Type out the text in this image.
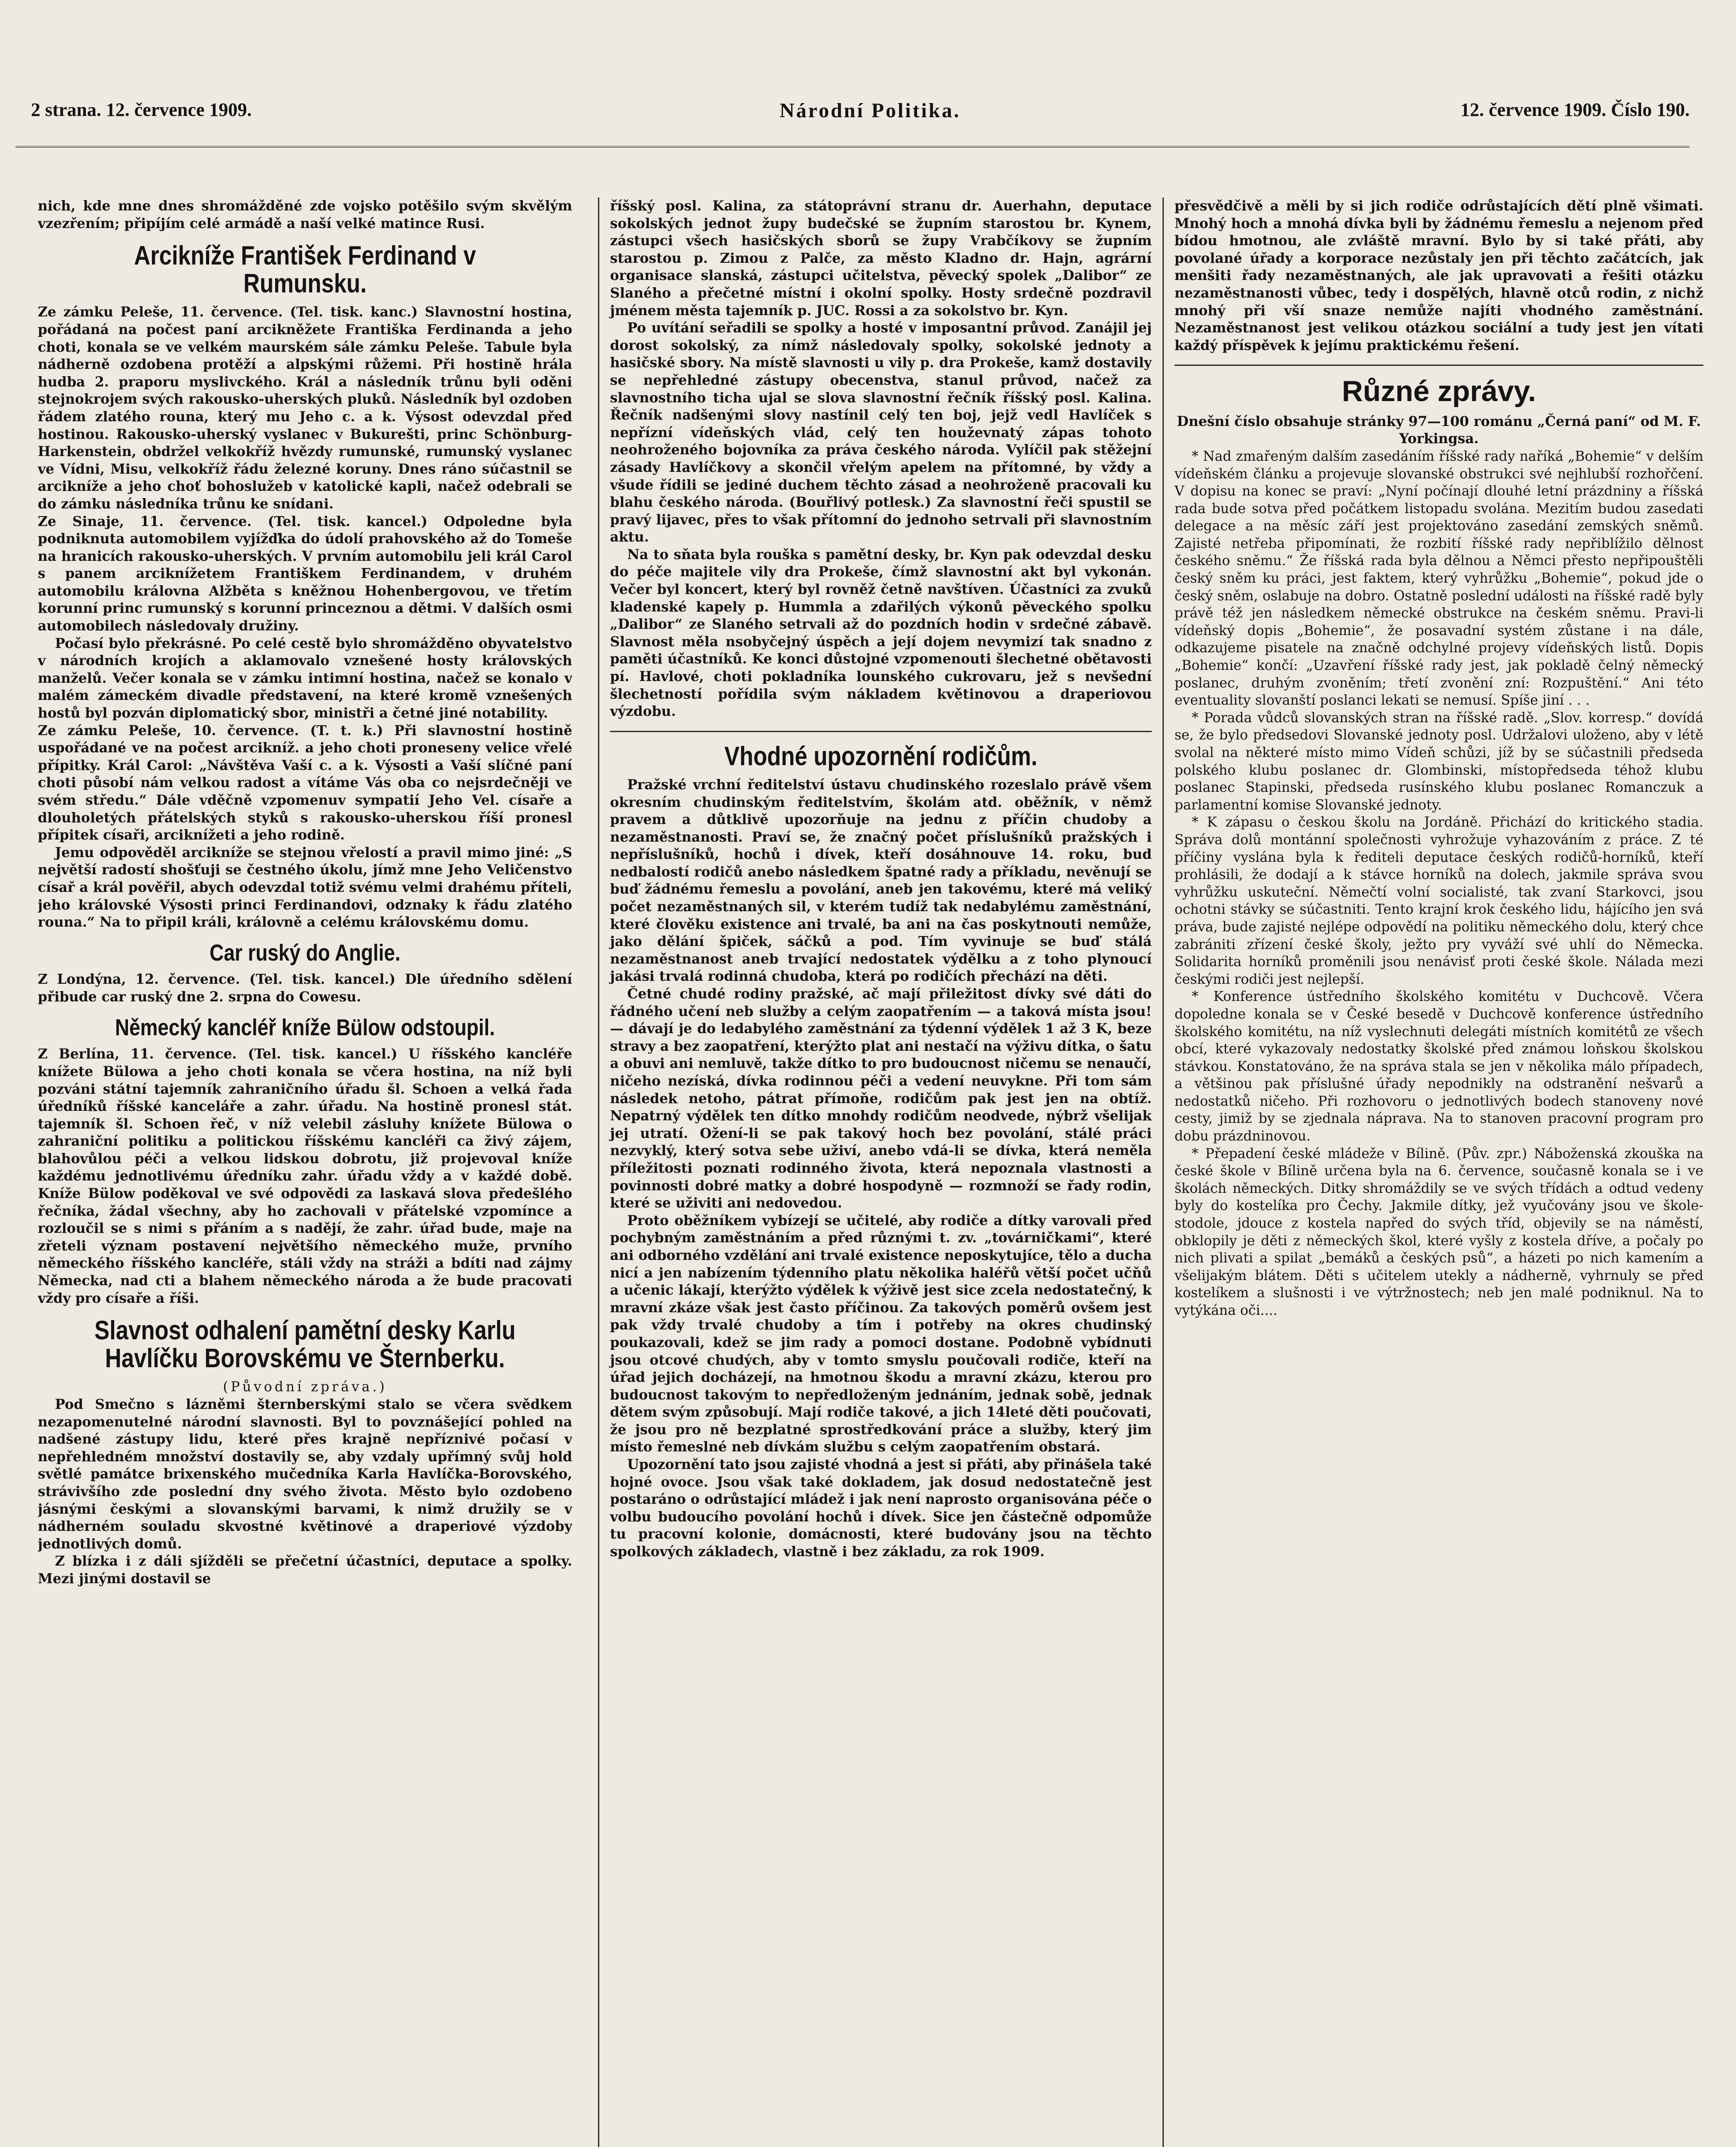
2 strana. 12. července 1909.	Národní Politika.	12. července 1909. Číslo 190.

nich, kde mne dnes shromážděné zde vojsko potěšilo svým skvělým vzezřením; připíjím celé armádě a naší velké matince Rusi.

Arcikníže František Ferdinand v Rumunsku.

Ze zámku Peleše, 11. července. (Tel. tisk. kanc.) Slavnostní hostina, pořádaná na počest paní arcikněžete Františka Ferdinanda a jeho choti, konala se ve velkém maurském sále zámku Peleše. Tabule byla nádherně ozdobena protěží a alpskými růžemi. Při hostině hrála hudba 2. praporu myslivckého. Král a následník trůnu byli oděni stejnokrojem svých rakousko-uherských pluků. Následník byl ozdoben řádem zlatého rouna, který mu Jeho c. a k. Výsost odevzdal před hostinou. Rakousko-uherský vyslanec v Bukurešti, princ Schönburg-Harkenstein, obdržel velkokříž hvězdy rumunské, rumunský vyslanec ve Vídni, Misu, velkokříž řádu železné koruny. Dnes ráno súčastnil se arcikníže a jeho choť bohoslužeb v katolické kapli, načež odebrali se do zámku následníka trůnu ke snídani.

Ze Sinaje, 11. července. (Tel. tisk. kancel.) Odpoledne byla podniknuta automobilem vyjížďka do údolí prahovského až do Tomeše na hranicích rakousko-uherských. V prvním automobilu jeli král Carol s panem arciknížetem Františkem Ferdinandem, v druhém automobilu královna Alžběta s kněžnou Hohenbergovou, ve třetím korunní princ rumunský s korunní princeznou a dětmi. V dalších osmi automobilech následovaly družiny.

Počasí bylo překrásné. Po celé cestě bylo shromážděno obyvatelstvo v národních krojích a aklamovalo vznešené hosty královských manželů. Večer konala se v zámku intimní hostina, načež se konalo v malém zámeckém divadle představení, na které kromě vznešených hostů byl pozván diplomatický sbor, ministři a četné jiné notability.

Ze zámku Peleše, 10. července. (T. t. k.) Při slavnostní hostině uspořádané ve na počest arcikníž. a jeho choti proneseny velice vřelé přípitky. Král Carol: „Návštěva Vaší c. a k. Výsosti a Vaší slíčné paní choti působí nám velkou radost a vítáme Vás oba co nejsrdečněji ve svém středu.“ Dále vděčně vzpomenuv sympatií Jeho Vel. císaře a dlouholetých přátelských styků s rakousko-uherskou říší pronesl přípitek císaři, arciknížeti a jeho rodině.

Jemu odpověděl arcikníže se stejnou vřelostí a pravil mimo jiné: „S největší radostí shošťuji se čestného úkolu, jímž mne Jeho Veličenstvo císař a král pověřil, abych odevzdal totiž svému velmi drahému příteli, jeho královské Výsosti princi Ferdinandovi, odznaky k řádu zlatého rouna.“ Na to připil králi, královně a celému královskému domu.

Car ruský do Anglie.

Z Londýna, 12. července. (Tel. tisk. kancel.) Dle úředního sdělení přibude car ruský dne 2. srpna do Cowesu.

Německý kancléř kníže Bülow odstoupil.

Z Berlína, 11. července. (Tel. tisk. kancel.) U říšského kancléře knížete Bülowa a jeho choti konala se včera hostina, na níž byli pozváni státní tajemník zahraničního úřadu šl. Schoen a velká řada úředníků říšské kanceláře a zahr. úřadu. Na hostině pronesl stát. tajemník šl. Schoen řeč, v níž velebil zásluhy knížete Bülowa o zahraniční politiku a politickou říšskému kancléři ca živý zájem, blahovůlou péči a velkou lidskou dobrotu, již projevoval kníže každému jednotlivému úředníku zahr. úřadu vždy a v každé době. Kníže Bülow poděkoval ve své odpovědi za laskavá slova předešlého řečníka, žádal všechny, aby ho zachovali v přátelské vzpomínce a rozloučil se s nimi s přáním a s nadějí, že zahr. úřad bude, maje na zřeteli význam postavení největšího německého muže, prvního německého říšského kancléře, stáli vždy na stráži a bdíti nad zájmy Německa, nad cti a blahem německého národa a že bude pracovati vždy pro císaře a říši.

Slavnost odhalení pamětní desky Karlu Havlíčku Borovskému ve Šternberku.

(Původní zpráva.)

Pod Smečno s lázněmi šternberskými stalo se včera svědkem nezapomenutelné národní slavnosti. Byl to povznášející pohled na nadšené zástupy lidu, které přes krajně nepříznivé počasí v nepřehledném množství dostavily se, aby vzdaly upřímný svůj hold světlé památce brixenského mučedníka Karla Havlíčka-Borovského, strávivšího zde poslední dny svého života. Město bylo ozdobeno jásnými českými a slovanskými barvami, k nimž družily se v nádherném souladu skvostné květinové a draperiové výzdoby jednotlivých domů.

Z blízka i z dáli sjížděli se přečetní účastníci, deputace a spolky. Mezi jinými dostavil se

říšský posl. Kalina, za státoprávní stranu dr. Auerhahn, deputace sokolských jednot župy budečské se župním starostou br. Kynem, zástupci všech hasičských sborů se župy Vrabčíkovy se župním starostou p. Zimou z Palče, za město Kladno dr. Hajn, agrární organisace slanská, zástupci učitelstva, pěvecký spolek „Dalibor“ ze Slaného a přečetné místní i okolní spolky. Hosty srdečně pozdravil jménem města tajemník p. JUC. Rossi a za sokolstvo br. Kyn.

Po uvítání seřadili se spolky a hosté v imposantní průvod. Zanájil jej dorost sokolský, za nímž následovaly spolky, sokolské jednoty a hasičské sbory. Na místě slavnosti u vily p. dra Prokeše, kamž dostavily se nepřehledné zástupy obecenstva, stanul průvod, načež za slavnostního ticha ujal se slova slavnostní řečník říšský posl. Kalina. Řečník nadšenými slovy nastínil celý ten boj, jejž vedl Havlíček s nepřízní vídeňských vlád, celý ten houževnatý zápas tohoto neohroženého bojovníka za práva českého národa. Vylíčil pak stěžejní zásady Havlíčkovy a skončil vřelým apelem na přítomné, by vždy a všude řídili se jediné duchem těchto zásad a neohroženě pracovali ku blahu českého národa. (Bouřlivý potlesk.) Za slavnostní řeči spustil se pravý lijavec, přes to však přítomní do jednoho setrvali při slavnostním aktu.

Na to sňata byla rouška s pamětní desky, br. Kyn pak odevzdal desku do péče majitele vily dra Prokeše, čímž slavnostní akt byl vykonán. Večer byl koncert, který byl rovněž četně navštíven. Účastníci za zvuků kladenské kapely p. Hummla a zdařilých výkonů pěveckého spolku „Dalibor“ ze Slaného setrvali až do pozdních hodin v srdečné zábavě. Slavnost měla nsobyčejný úspěch a její dojem nevymizí tak snadno z paměti účastníků. Ke konci důstojné vzpomenouti šlechetné obětavosti pí. Havlové, choti pokladníka lounského cukrovaru, jež s nevšední šlechetností pořídila svým nákladem květinovou a draperiovou výzdobu.

Vhodné upozornění rodičům.

Pražské vrchní ředitelství ústavu chudinského rozeslalo právě všem okresním chudinským ředitelstvím, školám atd. oběžník, v němž pravem a důtklivě upozorňuje na jednu z příčin chudoby a nezaměstnanosti. Praví se, že značný počet příslušníků pražských i nepříslušníků, hochů i dívek, kteří dosáhnouve 14. roku, buď nedbalostí rodičů anebo následkem špatné rady a příkladu, nevěnují se buď žádnému řemeslu a povolání, aneb jen takovému, které má veliký počet nezaměstnaných sil, v kterém tudíž tak nedabylému zaměstnání, které člověku existence ani trvalé, ba ani na čas poskytnouti nemůže, jako dělání špiček, sáčků a pod. Tím vyvinuje se buď stálá nezaměstnanost aneb trvající nedostatek výdělku a z toho plynoucí jakási trvalá rodinná chudoba, která po rodičích přechází na děti.

Četné chudé rodiny pražské, ač mají přiležitost dívky své dáti do řádného učení neb služby a celým zaopatřením — a taková místa jsou! — dávají je do ledabylého zaměstnání za týdenní výdělek 1 až 3 K, beze stravy a bez zaopatření, kterýžto plat ani nestačí na výživu dítka, o šatu a obuvi ani nemluvě, takže dítko to pro budoucnost ničemu se nenaučí, ničeho nezíská, dívka rodinnou péči a vedení neuvykne. Při tom sám následek netoho, pátrat přímoňe, rodičům pak jest jen na obtíž. Nepatrný výdělek ten dítko mnohdy rodičům neodvede, nýbrž všelijak jej utratí. Ožení-li se pak takový hoch bez povolání, stálé práci nezvyklý, který sotva sebe uživí, anebo vdá-li se dívka, která neměla příležitosti poznati rodinného života, která nepoznala vlastnosti a povinnosti dobré matky a dobré hospodyně — rozmnoží se řady rodin, které se uživiti ani nedovedou.

Proto oběžníkem vybízejí se učitelé, aby rodiče a dítky varovali před pochybným zaměstnáním a před různými t. zv. „továrničkami“, které ani odborného vzdělání ani trvalé existence neposkytujíce, tělo a ducha nicí a jen nabízením týdenního platu několika haléřů větší počet učňů a učenic lákají, kterýžto výdělek k výživě jest sice zcela nedostatečný, k mravní zkáze však jest často příčinou. Za takových poměrů ovšem jest pak vždy trvalé chudoby a tím i potřeby na okres chudinský poukazovali, kdež se jim rady a pomoci dostane. Podobně vybídnuti jsou otcové chudých, aby v tomto smyslu poučovali rodiče, kteří na úřad jejich docházejí, na hmotnou škodu a mravní zkázu, kterou pro budoucnost takovým to nepředloženým jednáním, jednak sobě, jednak dětem svým způsobují. Mají rodiče takové, a jich 14leté děti poučovati, že jsou pro ně bezplatné sprostředkování práce a služby, který jim místo řemeslné neb dívkám službu s celým zaopatřením obstará.

Upozornění tato jsou zajisté vhodná a jest si přáti, aby přinášela také hojné ovoce. Jsou však také dokladem, jak dosud nedostatečně jest postaráno o odrůstající mládež i jak není naprosto organisována péče o volbu budoucího povolání hochů i dívek. Sice jen částečně odpomůže tu pracovní kolonie, domácnosti, které budovány jsou na těchto spolkových základech, vlastně i bez základu, za rok 1909.

přesvědčivě a měli by si jich rodiče odrůstajících dětí plně všimati. Mnohý hoch a mnohá dívka byli by žádnému řemeslu a nejenom před bídou hmotnou, ale zvláště mravní. Bylo by si také přáti, aby povolané úřady a korporace nezůstaly jen při těchto začátcích, jak menšiti řady nezaměstnaných, ale jak upravovati a řešiti otázku nezaměstnanosti vůbec, tedy i dospělých, hlavně otců rodin, z nichž mnohý při vší snaze nemůže najíti vhodného zaměstnání. Nezaměstnanost jest velikou otázkou sociální a tudy jest jen vítati každý příspěvek k jejímu praktickému řešení.

Různé zprávy.

Dnešní číslo obsahuje stránky 97—100 románu „Černá paní“ od M. F. Yorkingsa.

* Nad zmařeným dalším zasedáním říšské rady naříká „Bohemie“ v delším vídeňském článku a projevuje slovanské obstrukci své nejhlubší rozhořčení. V dopisu na konec se praví: „Nyní počínají dlouhé letní prázdniny a říšská rada bude sotva před počátkem listopadu svolána. Mezitím budou zasedati delegace a na měsíc září jest projektováno zasedání zemských sněmů. Zajisté netřeba připomínati, že rozbití říšské rady nepřiblížilo dělnost českého sněmu.“ Že říšská rada byla dělnou a Němci přesto nepřipouštěli český sněm ku práci, jest faktem, který vyhrůžku „Bohemie“, pokud jde o český sněm, oslabuje na dobro. Ostatně poslední události na říšské radě byly právě též jen následkem německé obstrukce na českém sněmu. Pravi-li vídeňský dopis „Bohemie“, že posavadní systém zůstane i na dále, odkazujeme pisatele na značně odchylné projevy vídeňských listů. Dopis „Bohemie“ končí: „Uzavření říšské rady jest, jak pokladě čelný německý poslanec, druhým zvoněním; třetí zvonění zní: Rozpuštění.“ Ani této eventuality slovanští poslanci lekati se nemusí. Spíše jiní . . .

* Porada vůdců slovanských stran na říšské radě. „Slov. korresp.“ dovídá se, že bylo předsedovi Slovanské jednoty posl. Udržalovi uloženo, aby v létě svolal na některé místo mimo Vídeň schůzi, jíž by se súčastnili předseda polského klubu poslanec dr. Glombinski, místopředseda téhož klubu poslanec Stapinski, předseda rusínského klubu poslanec Romanczuk a parlamentní komise Slovanské jednoty.

* K zápasu o českou školu na Jordáně. Přichází do kritického stadia. Správa dolů montánní společnosti vyhrožuje vyhazováním z práce. Z té příčiny vyslána byla k řediteli deputace českých rodičů-horníků, kteří prohlásili, že dodají a k stávce horníků na dolech, jakmile správa svou vyhrůžku uskuteční. Němečtí volní socialisté, tak zvaní Starkovci, jsou ochotni stávky se súčastniti. Tento krajní krok českého lidu, hájícího jen svá práva, bude zajisté nejlépe odpovědí na politiku německého dolu, který chce zabrániti zřízení české školy, ježto pry vyváží své uhlí do Německa. Solidarita horníků proměnili jsou nenávisť proti české škole. Nálada mezi českými rodiči jest nejlepší.

* Konference ústředního školského komitétu v Duchcově. Včera dopoledne konala se v České besedě v Duchcově konference ústředního školského komitétu, na níž vyslechnuti delegáti místních komitétů ze všech obcí, které vykazovaly nedostatky školské před známou loňskou školskou stávkou. Konstatováno, že na správa stala se jen v několika málo případech, a většinou pak příslušné úřady nepodnikly na odstranění nešvarů a nedostatků ničeho. Při rozhovoru o jednotlivých bodech stanoveny nové cesty, jimiž by se zjednala náprava. Na to stanoven pracovní program pro dobu prázdninovou.

* Přepadení české mládeže v Bílině. (Pův. zpr.) Náboženská zkouška na české škole v Bílině určena byla na 6. července, současně konala se i ve školách německých. Ditky shromáždily se ve svých třídách a odtud vedeny byly do kostelíka pro Čechy. Jakmile dítky, jež vyučovány jsou ve škole-stodole, jdouce z kostela napřed do svých tříd, objevily se na náměstí, obklopily je děti z německých škol, které vyšly z kostela dříve, a počaly po nich plivati a spilat „bemáků a českých psů“, a házeti po nich kamením a všelijakým blátem. Děti s učitelem utekly a nádherně, vyhrnuly se před kostelíkem a slušnosti i ve výtržnostech; neb jen malé podniknul. Na to vytýkána oči....
